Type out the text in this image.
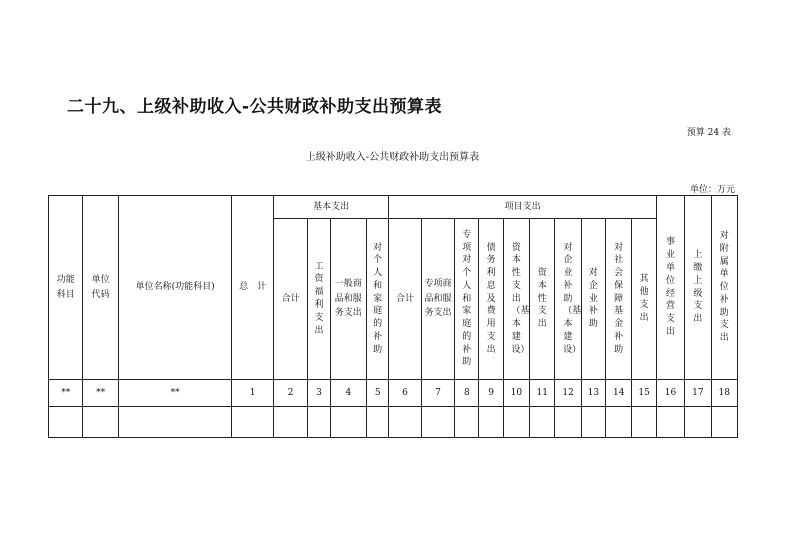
二十九、上级补助收入-公共财政补助支出预算表
预算 24 表
上级补助收入-公共财政补助支出预算表
单位：万元
功能科目	单位代码	单位名称(功能科目)	总　计	基本支出				项目支出										事业单位经营支出	上缴上级支出	对附属单位补助支出
				合计	工资福利支出	一般商品和服务支出	对个人和家庭的补助	合计	专项商品和服务支出	专项对个人和家庭的补助	债务利息及费用支出	资本性支出（基本建设）	资本性支出	对企业补助（基本建设）	对企业补助	对社会保障基金补助	其他支出			
**	**	**	1	2	3	4	5	6	7	8	9	10	11	12	13	14	15	16	17	18
